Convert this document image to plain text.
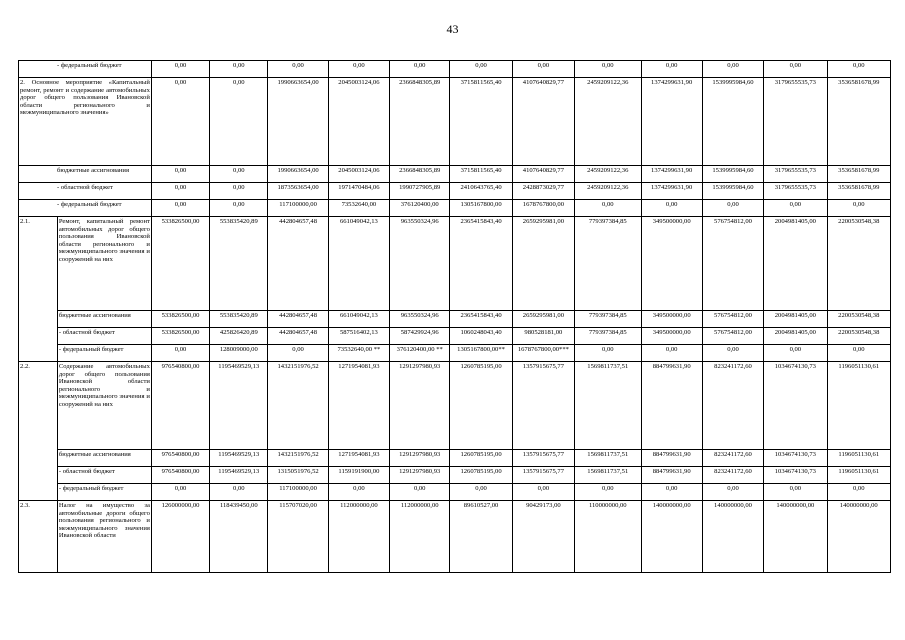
43
- федеральный бюджет		0,00	0,00	0,00	0,00	0,00	0,00	0,00	0,00	0,00	0,00	0,00	0,00
2. Основное мероприятие «Капитальный ремонт, ремонт и содержание автомобильных дорог общего пользования Ивановской области регионального и межмуниципального значения»		0,00	0,00	1990663654,00	2045003124,06	2366848305,89	3715811565,40	4107640829,77	2459209122,36	1374299631,90	1539995984,60	3179655535,73	3536581678,99
бюджетные ассигнования		0,00	0,00	1990663654,00	2045003124,06	2366848305,89	3715811565,40	4107640829,77	2459209122,36	1374299631,90	1539995984,60	3179655535,73	3536581678,99
- областной бюджет		0,00	0,00	1873563654,00	1971470484,06	1990727905,89	2410643765,40	2428873029,77	2459209122,36	1374299631,90	1539995984,60	3179655535,73	3536581678,99
- федеральный бюджет		0,00	0,00	117100000,00	73532640,00	376120400,00	1305167800,00	1678767800,00	0,00	0,00	0,00	0,00	0,00
2.1.	Ремонт, капитальный ремонт автомобильных дорог общего пользования Ивановской области регионального и межмуниципального значения и сооружений на них	533826500,00	553835420,89	442804657,48	661049042,13	963550324,96	2365415843,40	2659295981,00	779397384,85	349500000,00	576754812,00	2004981405,00	2200530548,38
	бюджетные ассигнования	533826500,00	553835420,89	442804657,48	661049042,13	963550324,96	2365415843,40	2659295981,00	779397384,85	349500000,00	576754812,00	2004981405,00	2200530548,38
	- областной бюджет	533826500,00	425826420,89	442804657,48	587516402,13	587429924,96	1060248043,40	980528181,00	779397384,85	349500000,00	576754812,00	2004981405,00	2200530548,38
	- федеральный бюджет	0,00	128009000,00	0,00	73532640,00 **	376120400,00 **	1305167800,00**	1678767800,00***	0,00	0,00	0,00	0,00	0,00
2.2.	Содержание автомобильных дорог общего пользования Ивановской области регионального и межмуниципального значения и сооружений на них	976540800,00	1195469529,13	1432151976,52	1271954081,93	1291297980,93	1260785195,00	1357915675,77	1569811737,51	884799631,90	823241172,60	1034674130,73	1196051130,61
	бюджетные ассигнования	976540800,00	1195469529,13	1432151976,52	1271954081,93	1291297980,93	1260785195,00	1357915675,77	1569811737,51	884799631,90	823241172,60	1034674130,73	1196051130,61
	- областной бюджет	976540800,00	1195469529,13	1315051976,52	1159191900,00	1291297980,93	1260785195,00	1357915675,77	1569811737,51	884799631,90	823241172,60	1034674130,73	1196051130,61
	- федеральный бюджет	0,00	0,00	117100000,00	0,00	0,00	0,00	0,00	0,00	0,00	0,00	0,00	0,00
2.3.	Налог на имущество за автомобильные дороги общего пользования регионального и межмуниципального значения Ивановской области	126000000,00	118439450,00	115707020,00	112000000,00	112000000,00	89610527,00	90429173,00	110000000,00	140000000,00	140000000,00	140000000,00	140000000,00
